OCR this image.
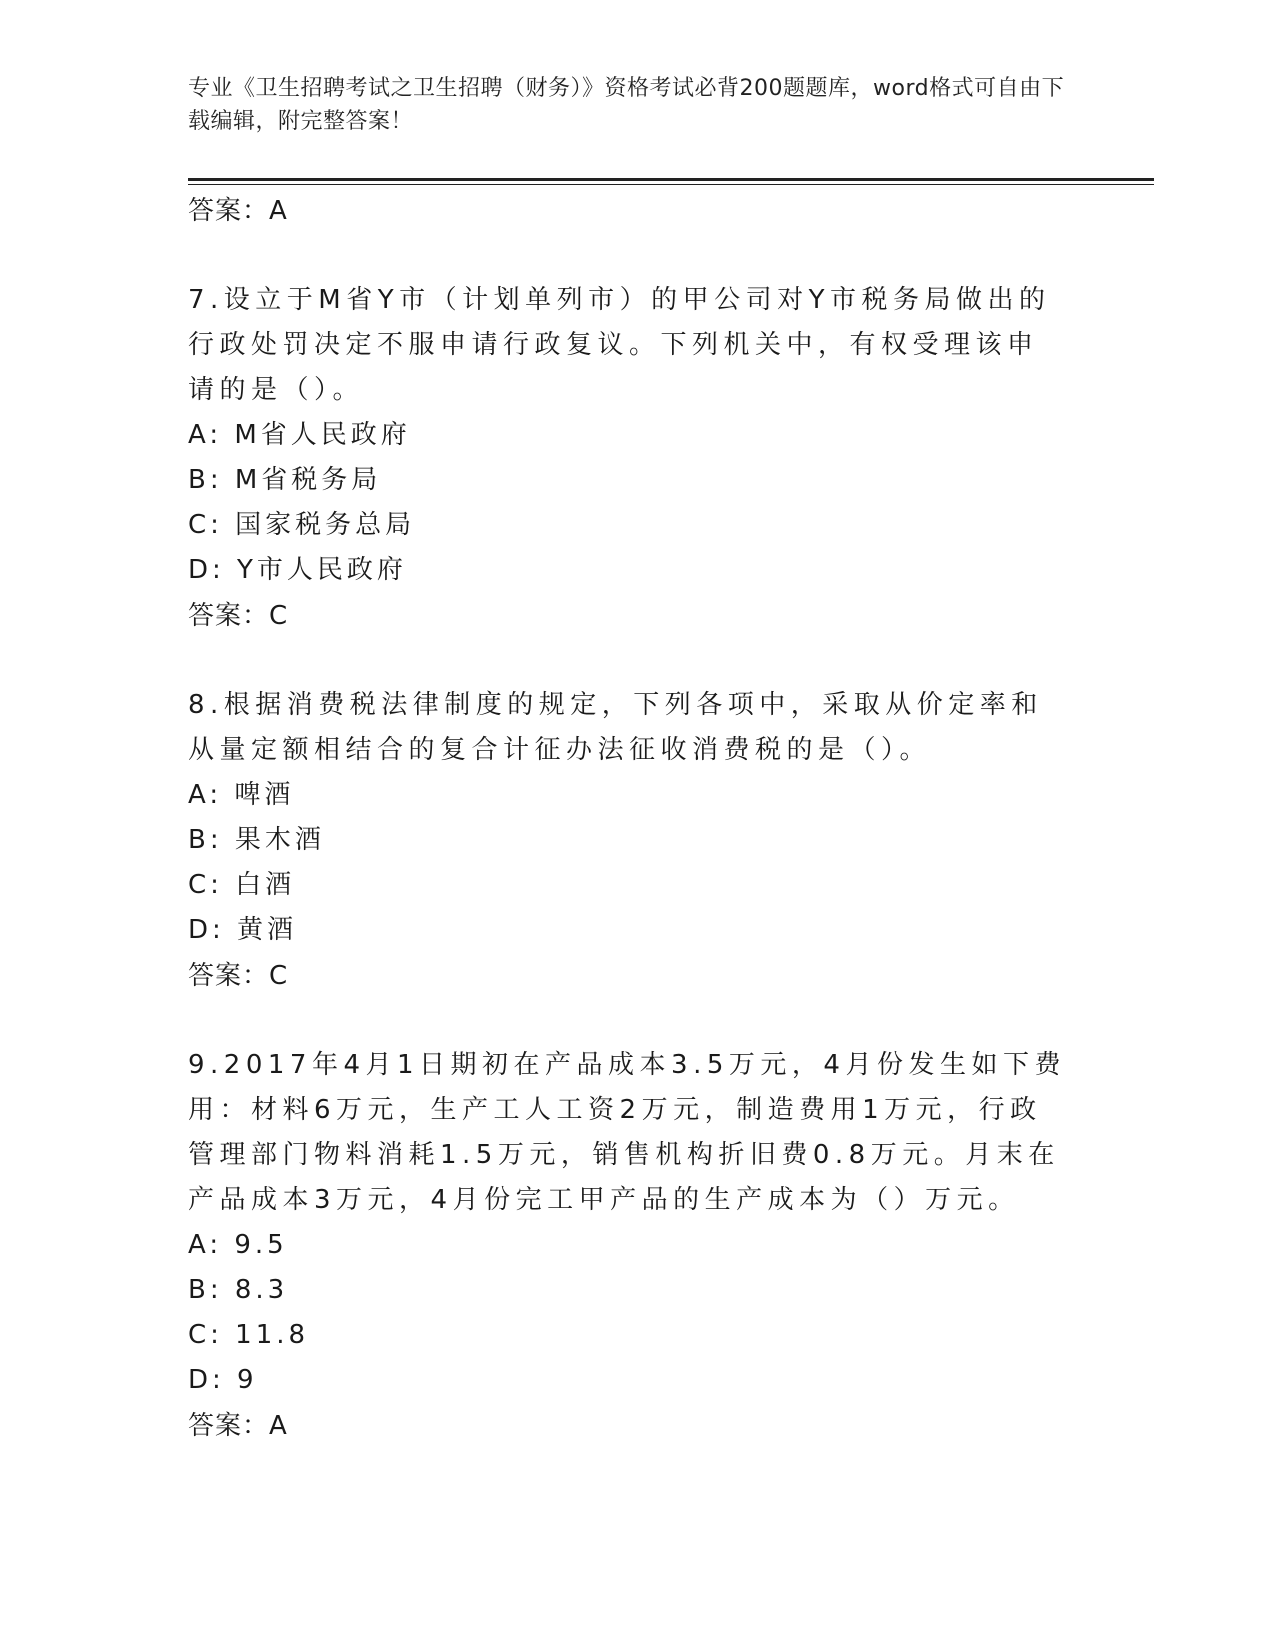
专业《卫生招聘考试之卫生招聘（财务）》资格考试必背200题题库，word格式可自由下载编辑，附完整答案！

答案：A

7.设立于M省Y市（计划单列市）的甲公司对Y市税务局做出的行政处罚决定不服申请行政复议。下列机关中，有权受理该申请的是（）。

A: M省人民政府

B: M省税务局

C: 国家税务总局

D: Y市人民政府

答案：C

8.根据消费税法律制度的规定，下列各项中，采取从价定率和从量定额相结合的复合计征办法征收消费税的是（）。

A: 啤酒

B: 果木酒

C: 白酒

D: 黄酒

答案：C

9.2017年4月1日期初在产品成本3.5万元，4月份发生如下费用：材料6万元，生产工人工资2万元，制造费用1万元，行政管理部门物料消耗1.5万元，销售机构折旧费0.8万元。月末在产品成本3万元，4月份完工甲产品的生产成本为（）万元。

A: 9.5

B: 8.3

C: 11.8

D: 9

答案：A
